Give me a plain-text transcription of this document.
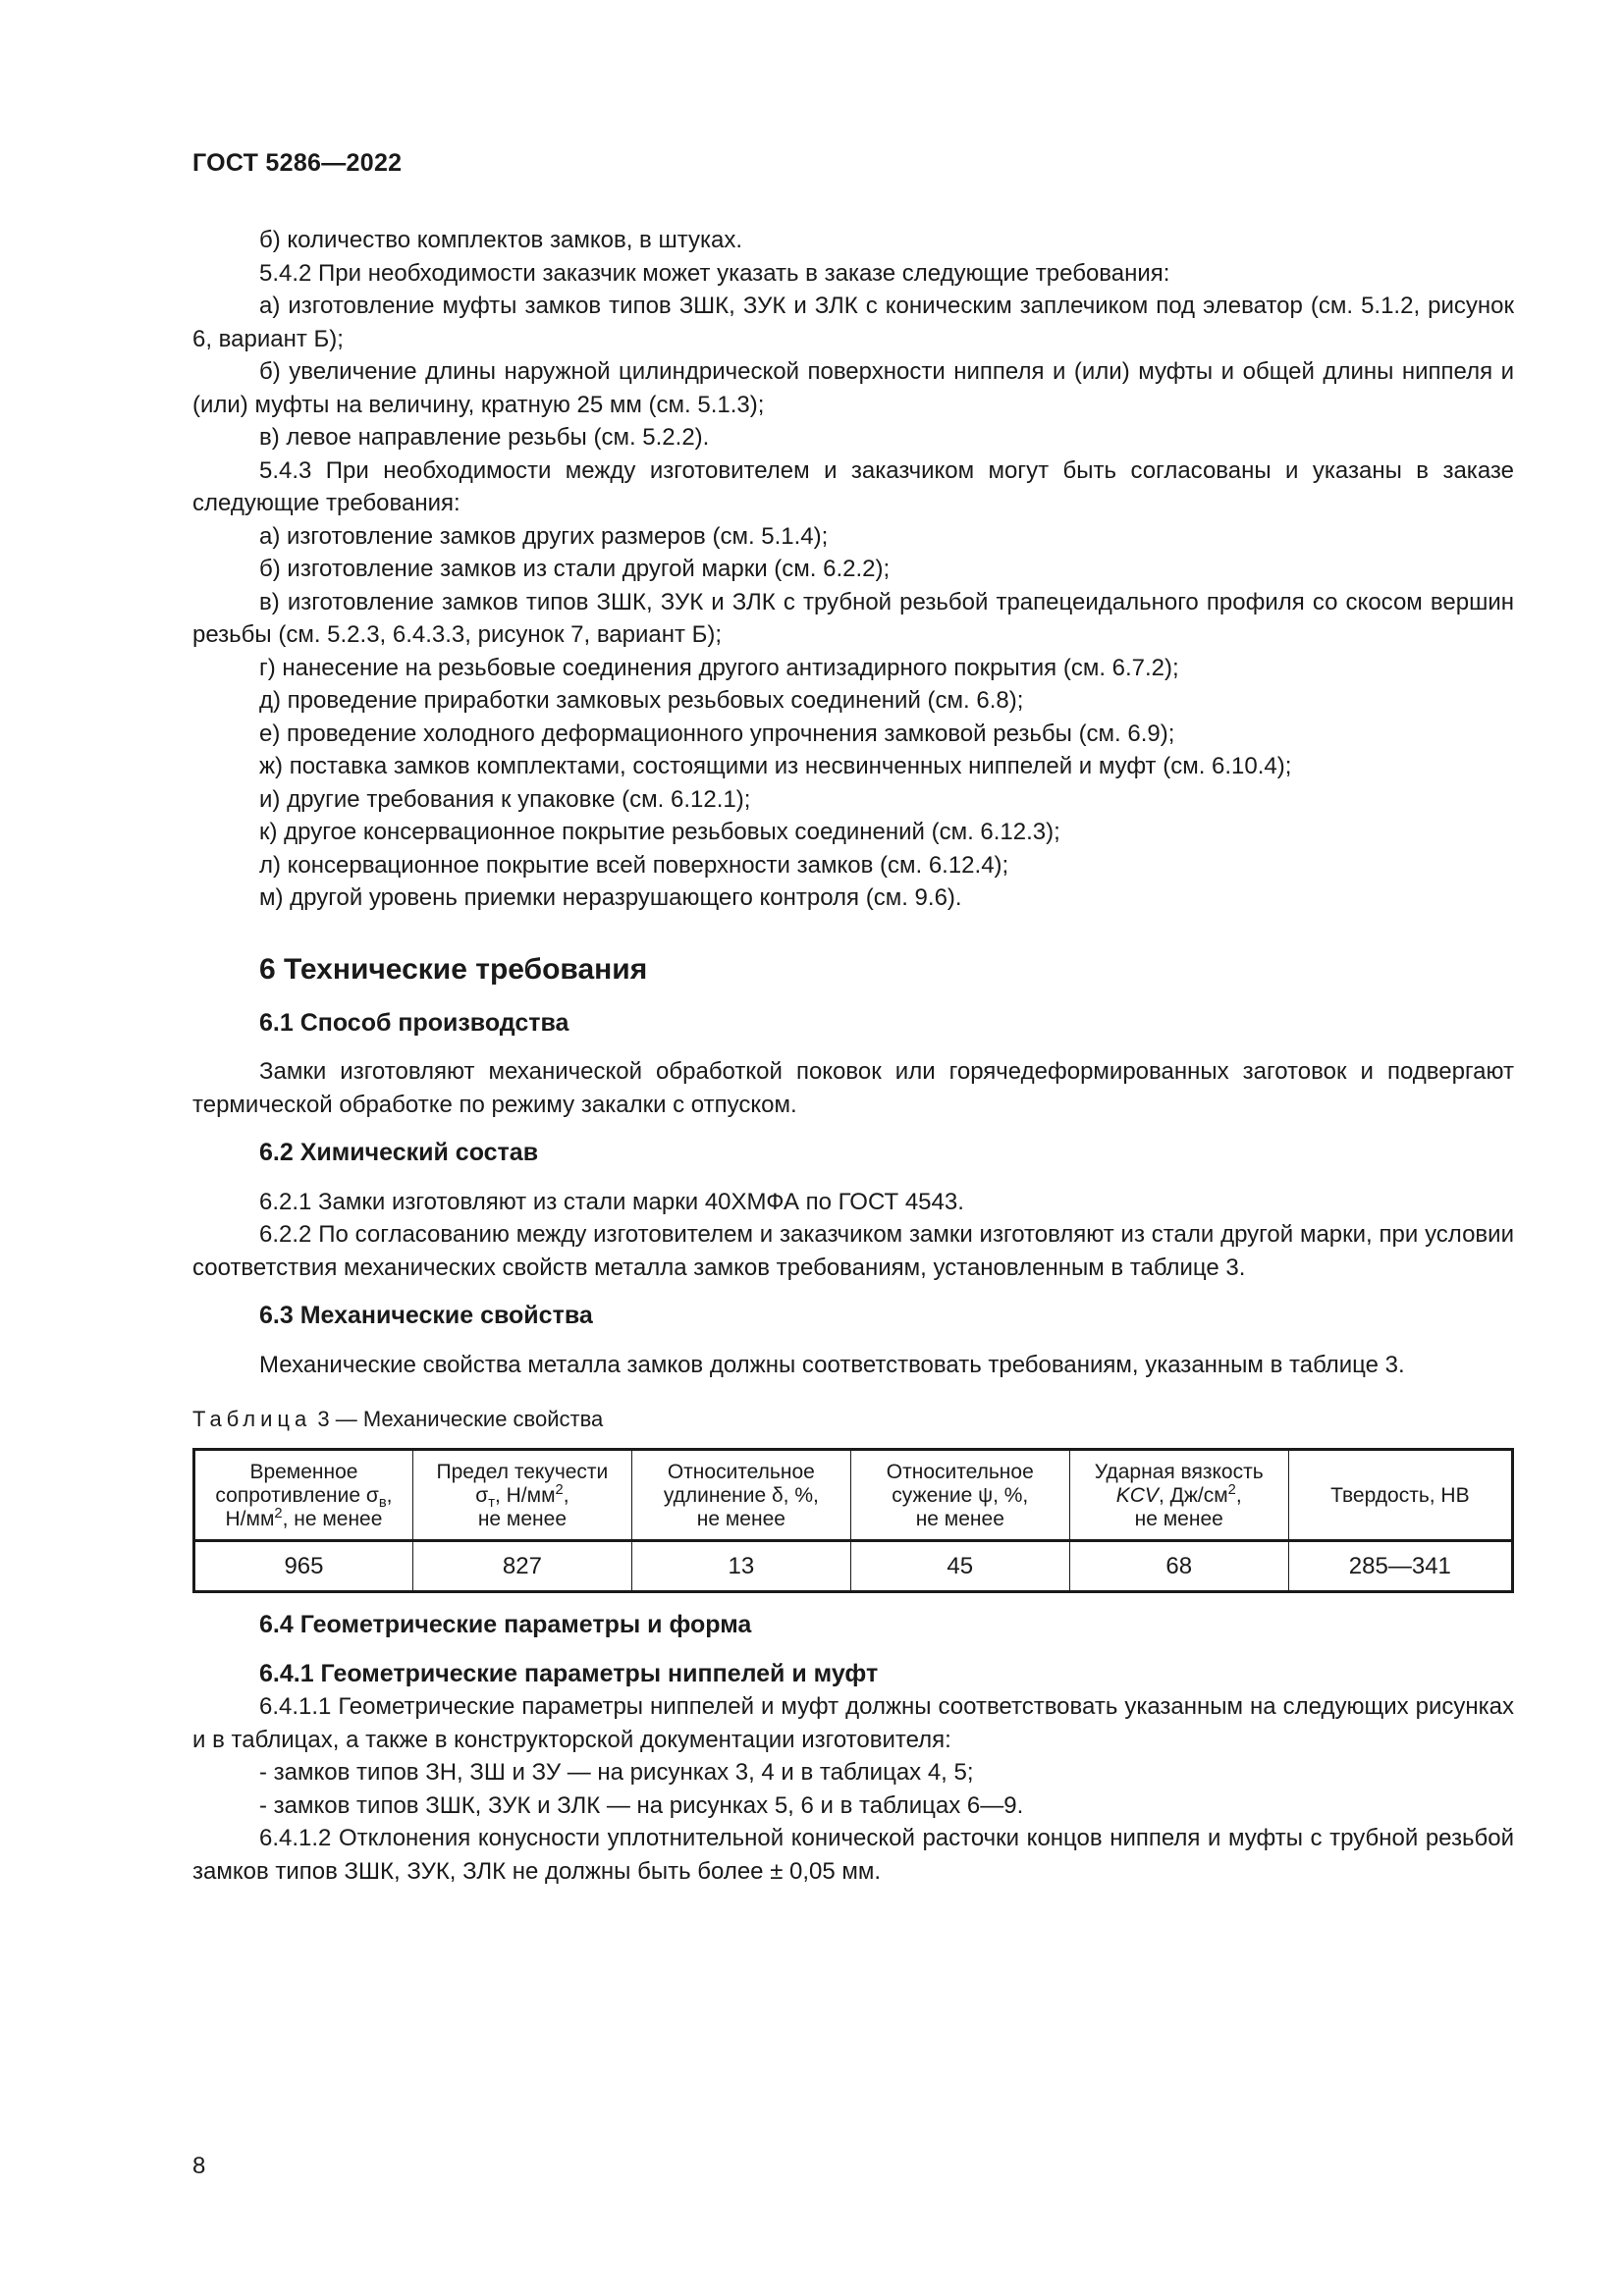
ГОСТ 5286—2022

б) количество комплектов замков, в штуках.

5.4.2 При необходимости заказчик может указать в заказе следующие требования:

а) изготовление муфты замков типов ЗШК, ЗУК и ЗЛК с коническим заплечиком под элеватор (см. 5.1.2, рисунок 6, вариант Б);

б) увеличение длины наружной цилиндрической поверхности ниппеля и (или) муфты и общей длины ниппеля и (или) муфты на величину, кратную 25 мм (см. 5.1.3);

в) левое направление резьбы (см. 5.2.2).

5.4.3 При необходимости между изготовителем и заказчиком могут быть согласованы и указаны в заказе следующие требования:

а) изготовление замков других размеров (см. 5.1.4);

б) изготовление замков из стали другой марки (см. 6.2.2);

в) изготовление замков типов ЗШК, ЗУК и ЗЛК с трубной резьбой трапецеидального профиля со скосом вершин резьбы (см. 5.2.3, 6.4.3.3, рисунок 7, вариант Б);

г) нанесение на резьбовые соединения другого антизадирного покрытия (см. 6.7.2);

д) проведение приработки замковых резьбовых соединений (см. 6.8);

е) проведение холодного деформационного упрочнения замковой резьбы (см. 6.9);

ж) поставка замков комплектами, состоящими из несвинченных ниппелей и муфт (см. 6.10.4);

и) другие требования к упаковке (см. 6.12.1);

к) другое консервационное покрытие резьбовых соединений (см. 6.12.3);

л) консервационное покрытие всей поверхности замков (см. 6.12.4);

м) другой уровень приемки неразрушающего контроля (см. 9.6).

6 Технические требования
6.1 Способ производства

Замки изготовляют механической обработкой поковок или горячедеформированных заготовок и подвергают термической обработке по режиму закалки с отпуском.

6.2 Химический состав

6.2.1 Замки изготовляют из стали марки 40ХМФА по ГОСТ 4543.

6.2.2 По согласованию между изготовителем и заказчиком замки изготовляют из стали другой марки, при условии соответствия механических свойств металла замков требованиям, установленным в таблице 3.

6.3 Механические свойства

Механические свойства металла замков должны соответствовать требованиям, указанным в таблице 3.

Таблица 3 — Механические свойства
Временное
сопротивление $\sigma_в$,
$Н/мм^2$, не менее	Предел текучести
$\sigma_т$, $Н/мм^2$,
не менее	Относительное
удлинение δ, %,
не менее	Относительное
сужение ψ, %,
не менее	Ударная вязкость
KCV, $Дж/см^2$,
не менее	Твердость, НВ
965	827	13	45	68	285—341
6.4 Геометрические параметры и форма
6.4.1 Геометрические параметры ниппелей и муфт

6.4.1.1 Геометрические параметры ниппелей и муфт должны соответствовать указанным на следующих рисунках и в таблицах, а также в конструкторской документации изготовителя:

- замков типов ЗН, ЗШ и ЗУ — на рисунках 3, 4 и в таблицах 4, 5;

- замков типов ЗШК, ЗУК и ЗЛК — на рисунках 5, 6 и в таблицах 6—9.

6.4.1.2 Отклонения конусности уплотнительной конической расточки концов ниппеля и муфты с трубной резьбой замков типов ЗШК, ЗУК, ЗЛК не должны быть более ± 0,05 мм.

8
